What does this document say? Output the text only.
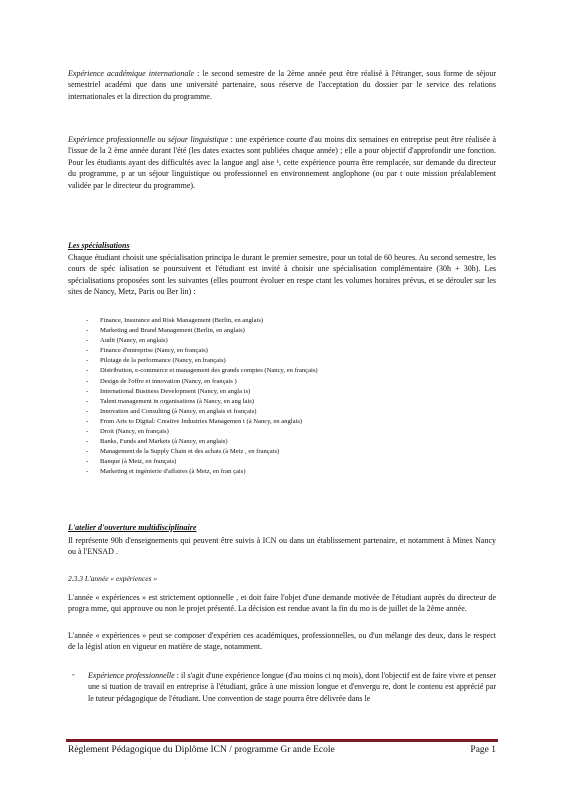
Expérience académique internationale : le second semestre de la 2ème année peut être réalisé à l'étranger, sous forme de séjour semestriel académi que dans une université partenaire, sous réserve de l'acceptation du dossier par le service des relations internationales et la direction du programme.

Expérience professionnelle ou séjour linguistique : une expérience courte d'au moins dix semaines en entreprise peut être réalisée à l'issue de la 2 ème année durant l'été (les dates exactes sont publiées chaque année) ; elle a pour objectif d'approfondir une fonction. Pour les étudiants ayant des difficultés avec la langue angl aise ¹, cette expérience pourra être remplacée, sur demande du directeur du programme, p ar un séjour linguistique ou professionnel en environnement anglophone (ou par t oute mission préalablement validée par le directeur du programme).

Les spécialisations

Chaque étudiant choisit une spécialisation principa le durant le premier semestre, pour un total de 60 heures. Au second semestre, les cours de spéc ialisation se poursuivent et l'étudiant est invité à choisir une spécialisation complémentaire (30h + 30h). Les spécialisations proposées sont les suivantes (elles pourront évoluer en respe ctant les volumes horaires prévus, et se dérouler sur les sites de Nancy, Metz, Paris ou Ber lin) :

- Finance, Insurance and Risk Management (Berlin, en anglais)
- Marketing and Brand Management (Berlin, en anglais)
- Audit (Nancy, en anglais)
- Finance d'entreprise (Nancy, en français)
- Pilotage de la performance (Nancy, en français)
- Distribution, e-commerce et management des grands comptes (Nancy, en français)
- Design de l'offre et innovation (Nancy, en français )
- International Business Development (Nancy, en angla is)
- Talent management in organisations (à Nancy, en ang lais)
- Innovation and Consulting (à Nancy, en anglais et français)
- From Arts to Digital: Creative Industries Managemen t (à Nancy, en anglais)
- Droit (Nancy, en français)
- Banks, Funds and Markets (à Nancy, en anglais)
- Management de la Supply Chain et des achats (à Metz , en français)
- Banque (à Metz, en français)
- Marketing et ingénierie d'affaires (à Metz, en fran çais)

L'atelier d'ouverture multidisciplinaire

Il représente 90h d'enseignements qui peuvent être suivis à ICN ou dans un établissement partenaire, et notamment à Mines Nancy ou à l'ENSAD .

2.3.3 L'année « expériences »

L'année « expériences » est strictement optionnelle , et doit faire l'objet d'une demande motivée de l'étudiant auprès du directeur de progra mme, qui approuve ou non le projet présenté. La décision est rendue avant la fin du mo is de juillet de la 2ème année.

L'année « expériences » peut se composer d'expérien ces académiques, professionnelles, ou d'un mélange des deux, dans le respect de la législ ation en vigueur en matière de stage, notamment.

- Expérience professionnelle : il s'agit d'une expérience longue (d'au moins ci nq mois), dont l'objectif est de faire vivre et penser une si tuation de travail en entreprise à l'étudiant, grâce à une mission longue et d'envergu re, dont le contenu est apprécié par le tuteur pédagogique de l'étudiant. Une convention de stage pourra être délivrée dans le

Règlement Pédagogique du Diplôme ICN / programme Gr ande Ecole	Page 1
